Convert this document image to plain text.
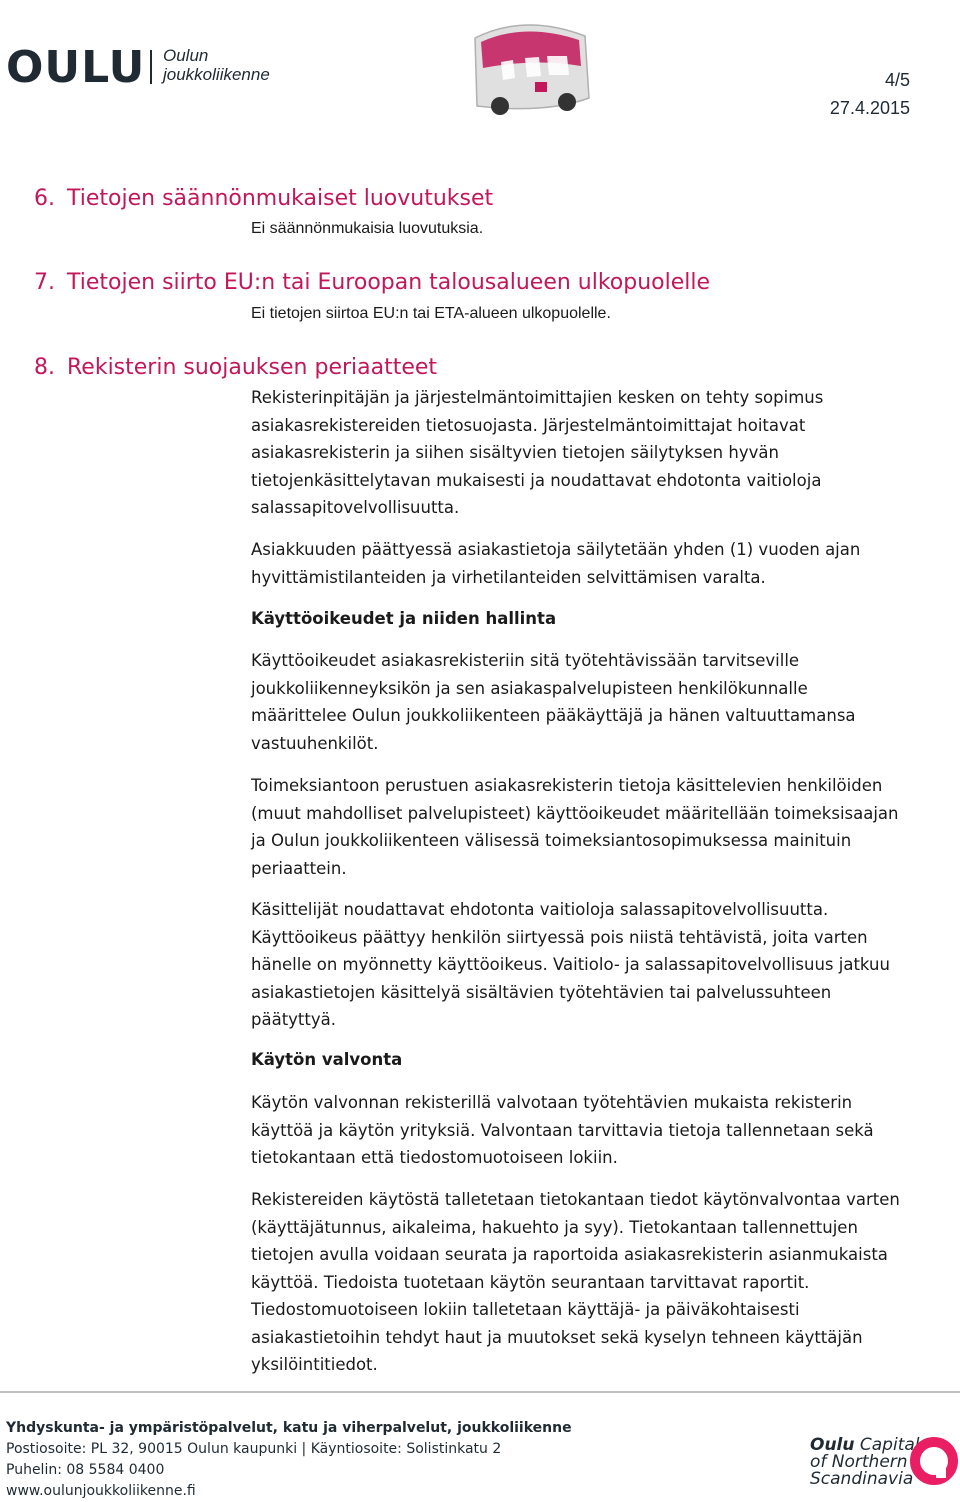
OULU Oulun
joukkoliikenne	4/5
27.4.2015
6. Tietojen säännönmukaiset luovutukset
Ei säännönmukaisia luovutuksia.
7. Tietojen siirto EU:n tai Euroopan talousalueen ulkopuolelle
Ei tietojen siirtoa EU:n tai ETA-alueen ulkopuolelle.
8. Rekisterin suojauksen periaatteet

Rekisterinpitäjän ja järjestelmäntoimittajien kesken on tehty sopimus
asiakasrekistereiden tietosuojasta. Järjestelmäntoimittajat hoitavat
asiakasrekisterin ja siihen sisältyvien tietojen säilytyksen hyvän
tietojenkäsittelytavan mukaisesti ja noudattavat ehdotonta vaitioloja
salassapitovelvollisuutta.

Asiakkuuden päättyessä asiakastietoja säilytetään yhden (1) vuoden ajan
hyvittämistilanteiden ja virhetilanteiden selvittämisen varalta.

Käyttöoikeudet ja niiden hallinta

Käyttöoikeudet asiakasrekisteriin sitä työtehtävissään tarvitseville
joukkoliikenneyksikön ja sen asiakaspalvelupisteen henkilökunnalle
määrittelee Oulun joukkoliikenteen pääkäyttäjä ja hänen valtuuttamansa
vastuuhenkilöt.

Toimeksiantoon perustuen asiakasrekisterin tietoja käsittelevien henkilöiden
(muut mahdolliset palvelupisteet) käyttöoikeudet määritellään toimeksisaajan
ja Oulun joukkoliikenteen välisessä toimeksiantosopimuksessa mainituin
periaattein.

Käsittelijät noudattavat ehdotonta vaitioloja salassapitovelvollisuutta.
Käyttöoikeus päättyy henkilön siirtyessä pois niistä tehtävistä, joita varten
hänelle on myönnetty käyttöoikeus. Vaitiolo- ja salassapitovelvollisuus jatkuu
asiakastietojen käsittelyä sisältävien työtehtävien tai palvelussuhteen
päätyttyä.

Käytön valvonta

Käytön valvonnan rekisterillä valvotaan työtehtävien mukaista rekisterin
käyttöä ja käytön yrityksiä. Valvontaan tarvittavia tietoja tallennetaan sekä
tietokantaan että tiedostomuotoiseen lokiin.

Rekistereiden käytöstä talletetaan tietokantaan tiedot käytönvalvontaa varten
(käyttäjätunnus, aikaleima, hakuehto ja syy). Tietokantaan tallennettujen
tietojen avulla voidaan seurata ja raportoida asiakasrekisterin asianmukaista
käyttöä. Tiedoista tuotetaan käytön seurantaan tarvittavat raportit.
Tiedostomuotoiseen lokiin talletetaan käyttäjä- ja päiväkohtaisesti
asiakastietoihin tehdyt haut ja muutokset sekä kyselyn tehneen käyttäjän
yksilöintitiedot.

Yhdyskunta- ja ympäristöpalvelut, katu ja viherpalvelut, joukkoliikenne
Postiosoite: PL 32, 90015 Oulun kaupunki | Käyntiosoite: Solistinkatu 2
Puhelin: 08 5584 0400
www.oulunjoukkoliikenne.fi
Oulu Capital
of Northern
Scandinavia
